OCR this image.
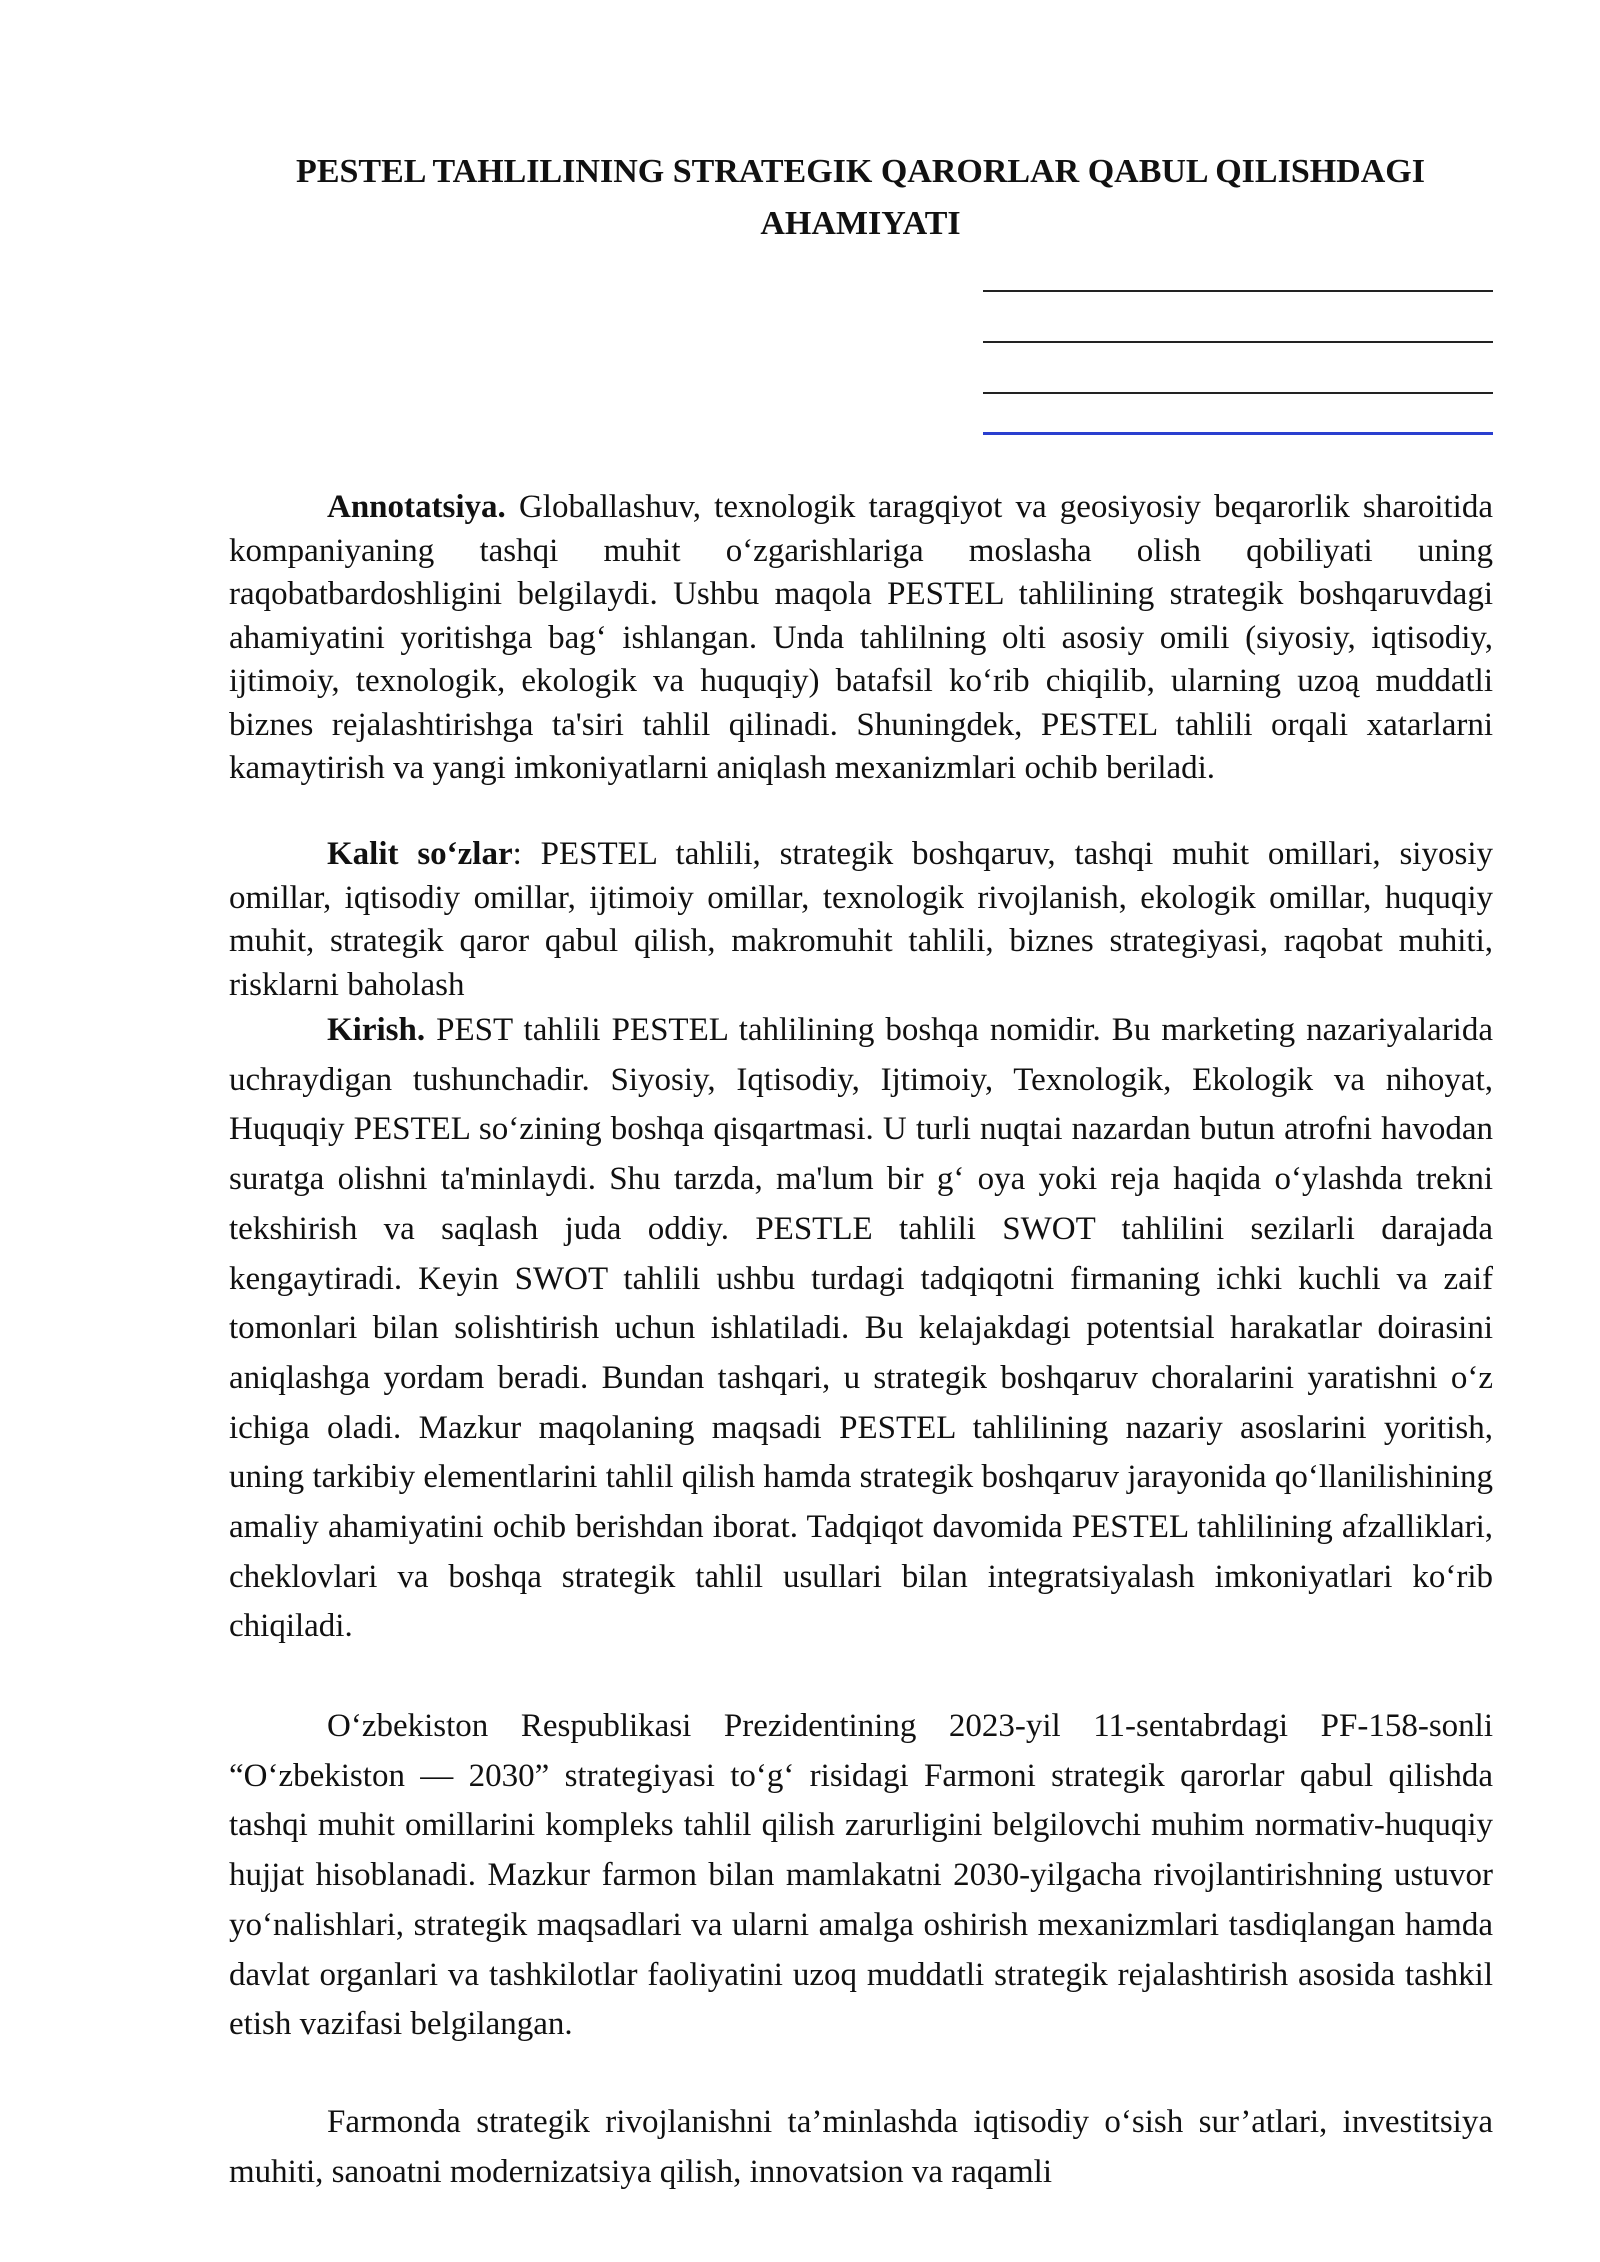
PESTEL TAHLILINING STRATEGIK QARORLAR QABUL QILISHDAGI AHAMIYATI

Annotatsiya. Globallashuv, texnologik taragqiyot va geosiyosiy beqarorlik sharoitida kompaniyaning tashqi muhit o‘zgarishlariga moslasha olish qobiliyati uning raqobatbardoshligini belgilaydi. Ushbu maqola PESTEL tahlilining strategik boshqaruvdagi ahamiyatini yoritishga bag‘ ishlangan. Unda tahlilning olti asosiy omili (siyosiy, iqtisodiy, ijtimoiy, texnologik, ekologik va huquqiy) batafsil ko‘rib chiqilib, ularning uzoą muddatli biznes rejalashtirishga ta'siri tahlil qilinadi. Shuningdek, PESTEL tahlili orqali xatarlarni kamaytirish va yangi imkoniyatlarni aniqlash mexanizmlari ochib beriladi.

Kalit so‘zlar: PESTEL tahlili, strategik boshqaruv, tashqi muhit omillari, siyosiy omillar, iqtisodiy omillar, ijtimoiy omillar, texnologik rivojlanish, ekologik omillar, huquqiy muhit, strategik qaror qabul qilish, makromuhit tahlili, biznes strategiyasi, raqobat muhiti, risklarni baholash

Kirish. PEST tahlili PESTEL tahlilining boshqa nomidir. Bu marketing nazariyalarida uchraydigan tushunchadir. Siyosiy, Iqtisodiy, Ijtimoiy, Texnologik, Ekologik va nihoyat, Huquqiy PESTEL so‘zining boshqa qisqartmasi. U turli nuqtai nazardan butun atrofni havodan suratga olishni ta'minlaydi. Shu tarzda, ma'lum bir g‘ oya yoki reja haqida o‘ylashda trekni tekshirish va saqlash juda oddiy. PESTLE tahlili SWOT tahlilini sezilarli darajada kengaytiradi. Keyin SWOT tahlili ushbu turdagi tadqiqotni firmaning ichki kuchli va zaif tomonlari bilan solishtirish uchun ishlatiladi. Bu kelajakdagi potentsial harakatlar doirasini aniqlashga yordam beradi. Bundan tashqari, u strategik boshqaruv choralarini yaratishni o‘z ichiga oladi. Mazkur maqolaning maqsadi PESTEL tahlilining nazariy asoslarini yoritish, uning tarkibiy elementlarini tahlil qilish hamda strategik boshqaruv jarayonida qo‘llanilishining amaliy ahamiyatini ochib berishdan iborat. Tadqiqot davomida PESTEL tahlilining afzalliklari, cheklovlari va boshqa strategik tahlil usullari bilan integratsiyalash imkoniyatlari ko‘rib chiqiladi.

O‘zbekiston Respublikasi Prezidentining 2023-yil 11-sentabrdagi PF-158-sonli “O‘zbekiston — 2030” strategiyasi to‘g‘ risidagi Farmoni strategik qarorlar qabul qilishda tashqi muhit omillarini kompleks tahlil qilish zarurligini belgilovchi muhim normativ-huquqiy hujjat hisoblanadi. Mazkur farmon bilan mamlakatni 2030-yilgacha rivojlantirishning ustuvor yo‘nalishlari, strategik maqsadlari va ularni amalga oshirish mexanizmlari tasdiqlangan hamda davlat organlari va tashkilotlar faoliyatini uzoq muddatli strategik rejalashtirish asosida tashkil etish vazifasi belgilangan.

Farmonda strategik rivojlanishni ta’minlashda iqtisodiy o‘sish sur’atlari, investitsiya muhiti, sanoatni modernizatsiya qilish, innovatsion va raqamli
